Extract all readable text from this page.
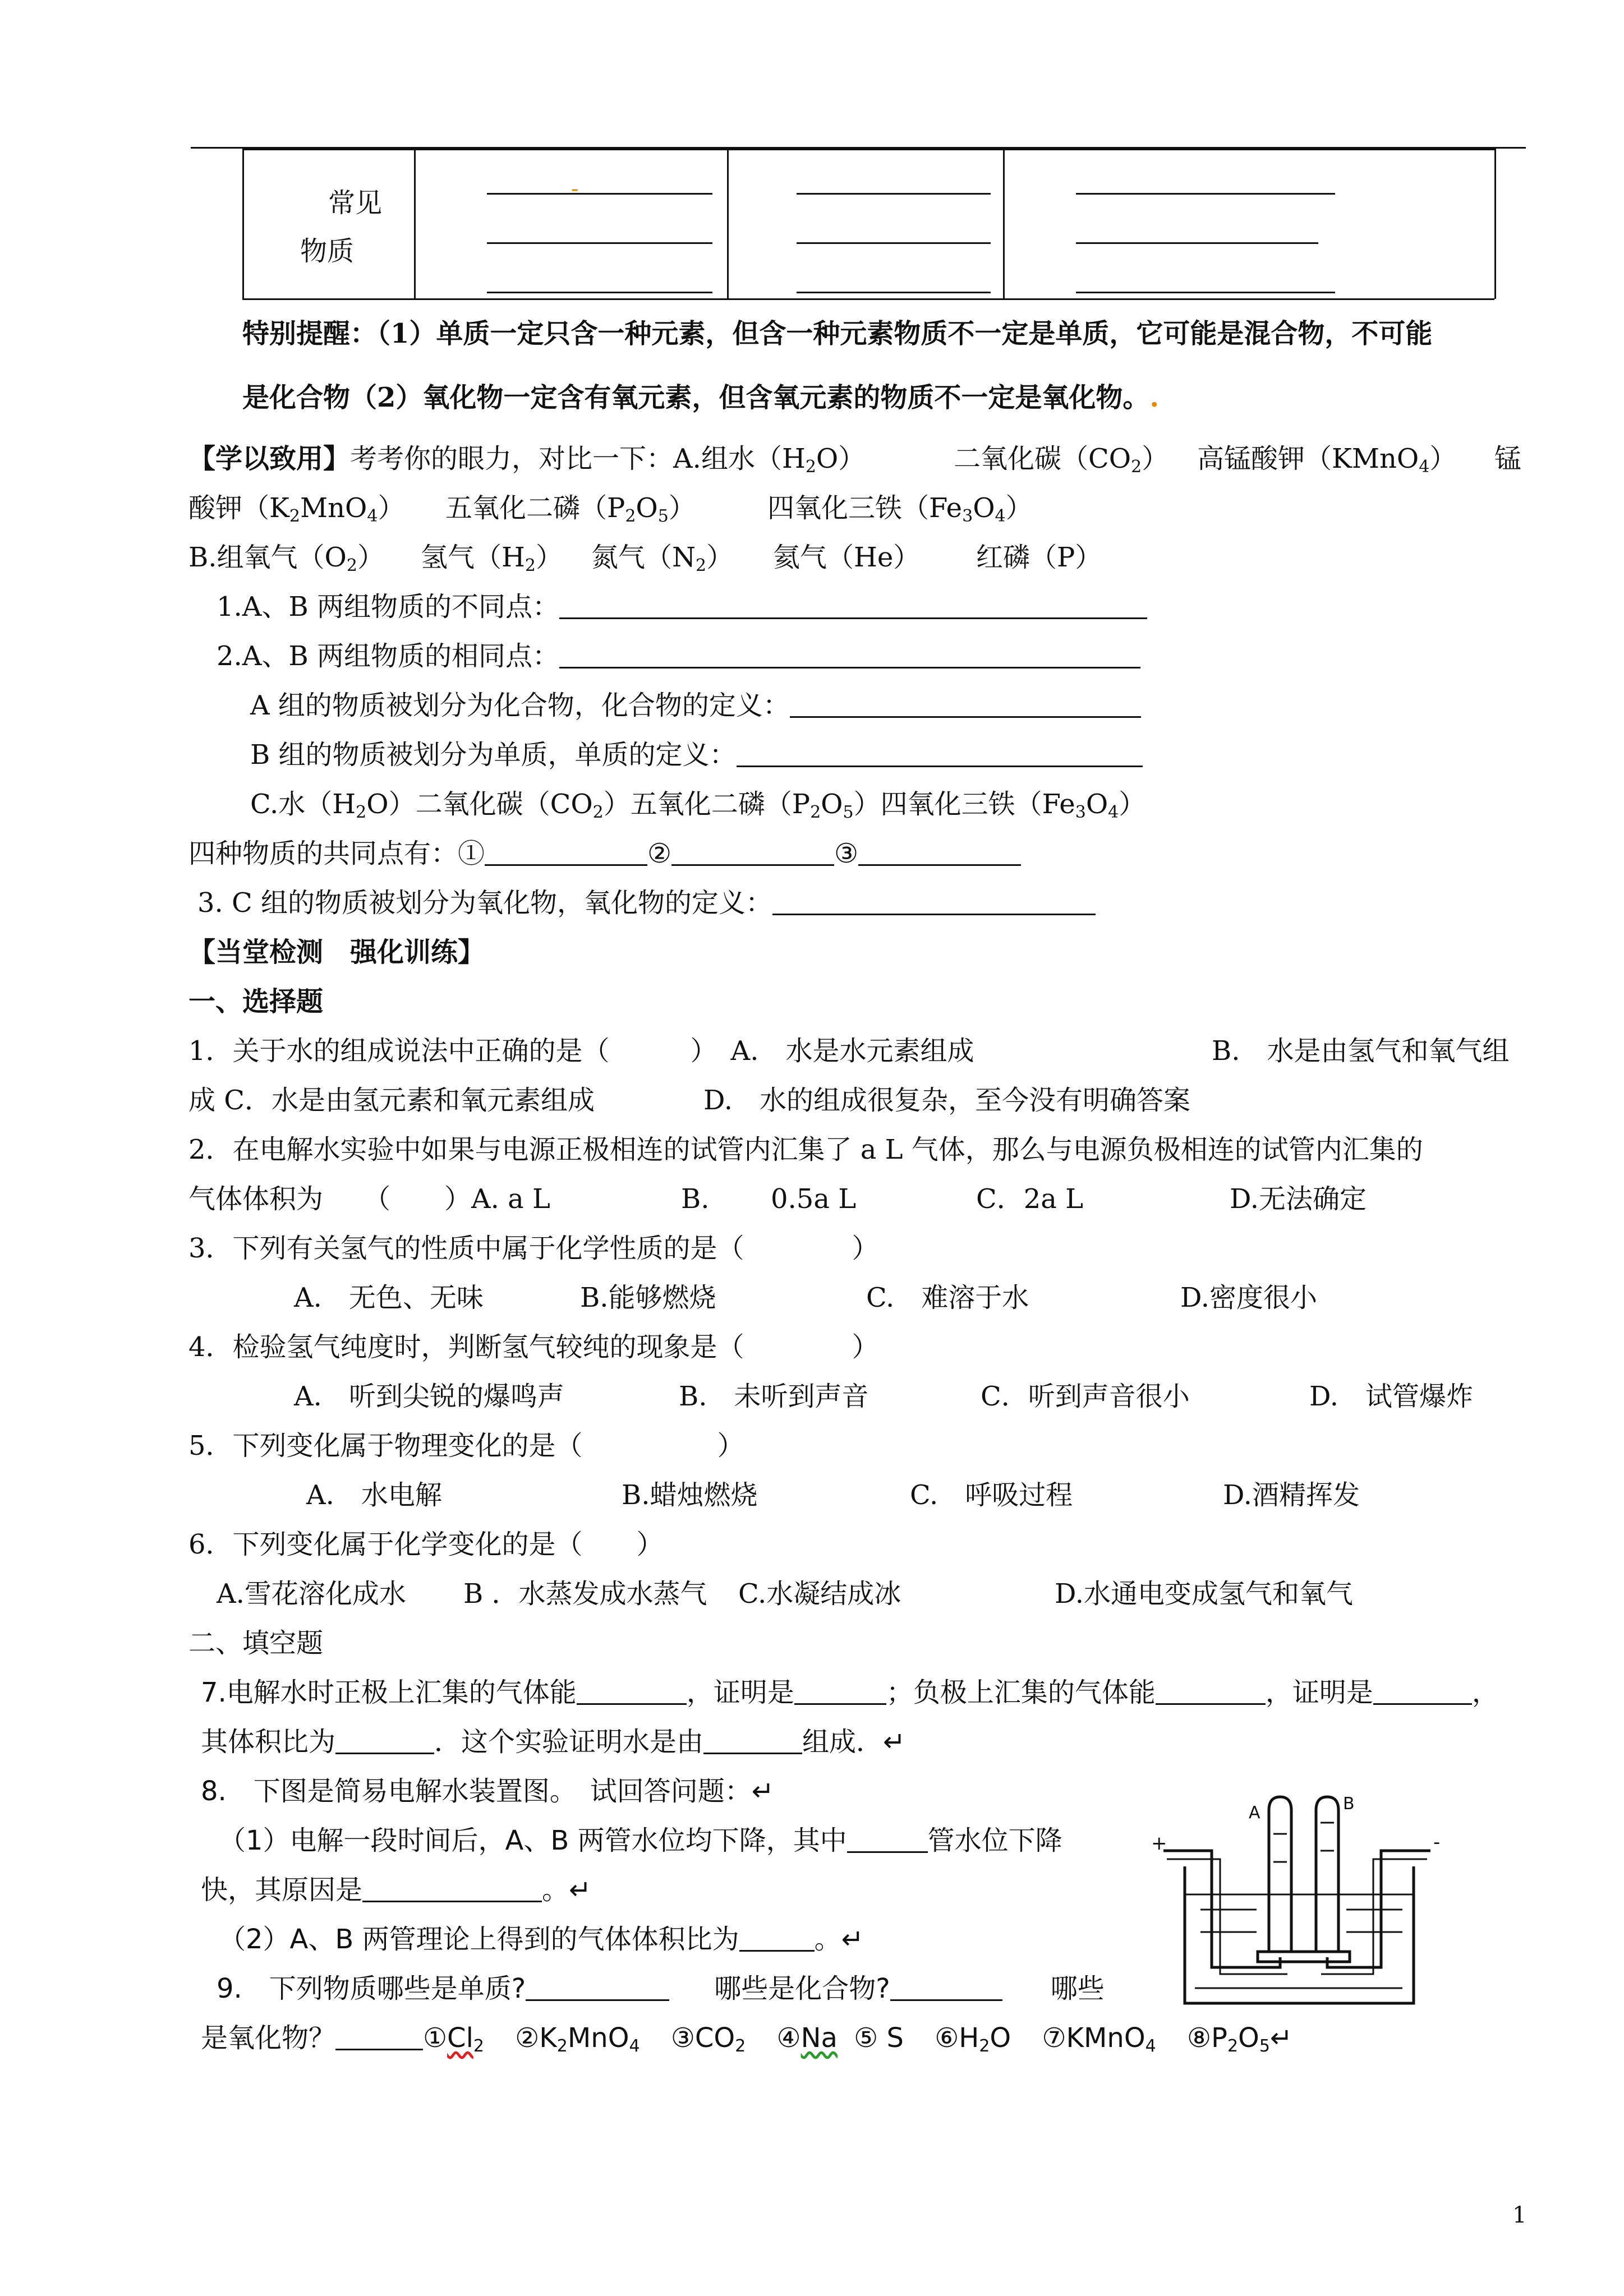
常见
物质
-
特别提醒：（1）单质一定只含一种元素，但含一种元素物质不一定是单质，它可能是混合物，不可能
是化合物（2）氧化物一定含有氧元素，但含氧元素的物质不一定是氧化物。.
【学以致用】考考你的眼力，对比一下：A.组水$(H_2O)$	二氧化碳$(CO_2)$ 高锰酸钾（KMnO$_4$） 锰
酸钾$(K_2MnO_4)$ 五氧化二磷$(P_2O_5)$	四氧化三铁$(Fe_3O_4)$
B.组氧气$(O_2)$ 氢气$(H_2)$ 氮气$(N_2)$ 氦气（He） 红磷（P）
1.A、B 两组物质的不同点：
2.A、B 两组物质的相同点：
A 组的物质被划分为化合物，化合物的定义：
B 组的物质被划分为单质，单质的定义：
C.水$(H_2O)$二氧化碳$(CO_2)$五氧化二磷$(P_2O_5)$四氧化三铁$(Fe_3O_4)$
四种物质的共同点有：①	②	③
3. C 组的物质被划分为氧化物，氧化物的定义：
【当堂检测　强化训练】
一、选择题
1．关于水的组成说法中正确的是（　　　）　A.　水是水元素组成	B.　水是由氢气和氧气组
成 C．水是由氢元素和氧元素组成	D.　水的组成很复杂，至今没有明确答案
2．在电解水实验中如果与电源正极相连的试管内汇集了 a L 气体，那么与电源负极相连的试管内汇集的
气体体积为　　（　　）A. a L	B. 0.5a L	C．2a L	D.无法确定
3．下列有关氢气的性质中属于化学性质的是（　　　　）
A.　无色、无味	B.能够燃烧	C.　难溶于水	D.密度很小
4．检验氢气纯度时，判断氢气较纯的现象是（　　　　）
A.　听到尖锐的爆鸣声	B.　未听到声音	C．听到声音很小	D.　试管爆炸
5．下列变化属于物理变化的是（　　　　　）
A.　水电解	B.蜡烛燃烧	C.　呼吸过程	D.酒精挥发
6．下列变化属于化学变化的是（　　）
A.雪花溶化成水 B ．水蒸发成水蒸气 C.水凝结成冰	D.水通电变成氢气和氧气
二、填空题
7.电解水时正极上汇集的气体能	，证明是	；负极上汇集的气体能	，证明是	，
其体积比为	．这个实验证明水是由	组成．↵
8.　下图是简易电解水装置图。　试回答问题：↵
（1）电解一段时间后，A、B 两管水位均下降，其中	管水位下降
快，其原因是	。↵
（2）A、B 两管理论上得到的气体体积比为	。↵
9.　下列物质哪些是单质?	哪些是化合物?	哪些
是氧化物？	$①Cl_2$ $②K_2MnO_4$ $③CO_2$ ④Na ⑤ S $⑥H_2O$ ⑦KMnO$_4$ $⑧P_2O_5↵$
A	B
+	-
1
